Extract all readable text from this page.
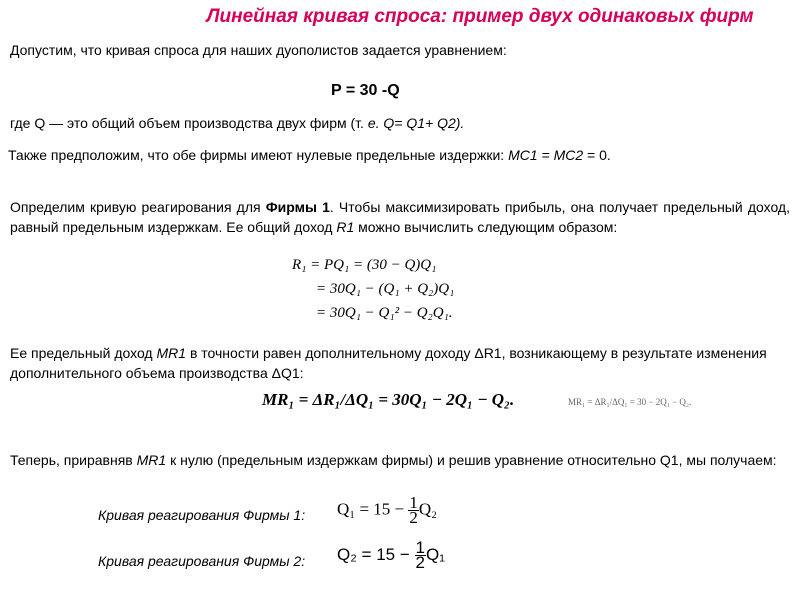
Линейная кривая спроса: пример двух одинаковых фирм
Допустим, что кривая спроса для наших дуополистов задается уравнением:
P = 30 -Q
где Q — это общий объем производства двух фирм (т. е. Q= Q1+ Q2).
Также предположим, что обе фирмы имеют нулевые предельные издержки: MC1 = MC2 = 0.
Определим кривую реагирования для Фирмы 1. Чтобы максимизировать прибыль, она получает предельный доход, равный предельным издержкам. Ее общий доход R1 можно вычислить следующим образом:
R₁ = PQ₁ = (30 − Q)Q₁
= 30Q₁ − (Q₁ + Q₂)Q₁
= 30Q₁ − Q₁² − Q₂Q₁.
Ее предельный доход MR1 в точности равен дополнительному доходу ΔR1, возникающему в результате изменения дополнительного объема производства ΔQ1:
MR₁ = ΔR₁/ΔQ₁ = 30Q₁ − 2Q₁ − Q₂.	MR₁ = ΔR₁/ΔQ₁ = 30 − 2Q₁ − Q₂.
Теперь, приравняв MR1 к нулю (предельным издержкам фирмы) и решив уравнение относительно Q1, мы получаем:
Кривая реагирования Фирмы 1: $Q_1 = 15 - \frac{1}{2} Q_2$
Кривая реагирования Фирмы 2: $Q_2 = 15 - \frac{1}{2} Q_1$
